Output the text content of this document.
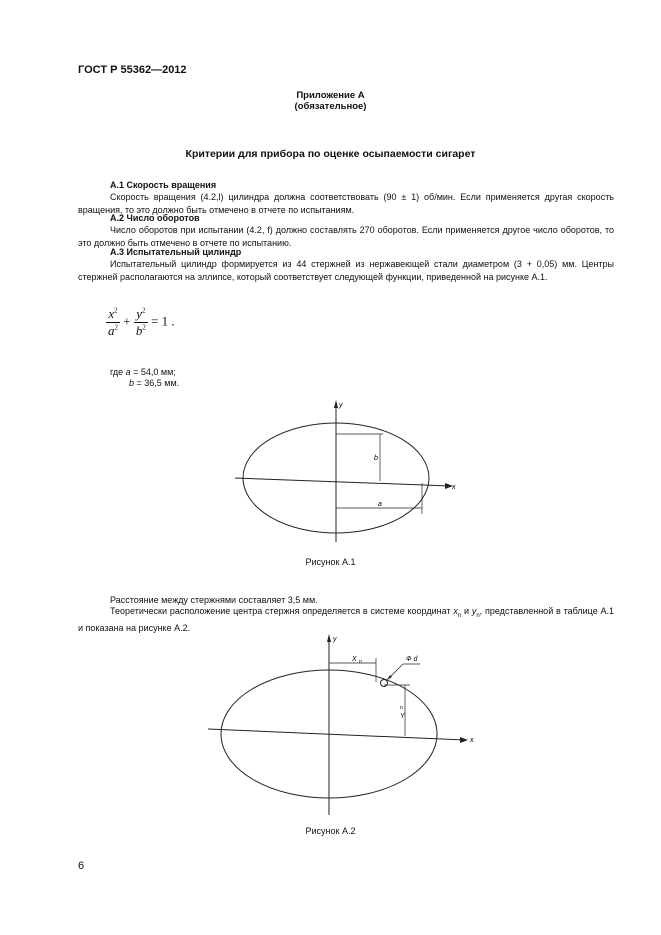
ГОСТ Р 55362—2012
Приложение А
(обязательное)
Критерии для прибора по оценке осыпаемости сигарет
А.1 Скорость вращения
Скорость вращения (4.2,l) цилиндра должна соответствовать (90 ± 1) об/мин. Если применяется другая скорость вращения, то это должно быть отмечено в отчете по испытаниям.
А.2 Число оборотов
Число оборотов при испытании (4.2, f) должно составлять 270 оборотов. Если применяется другое число оборотов, то это должно быть отмечено в отчете по испытанию.
А.3 Испытательный цилиндр
Испытательный цилиндр формируется из 44 стержней из нержавеющей стали диаметром (3 + 0,05) мм. Центры стержней располагаются на эллипсе, который соответствует следующей функции, приведенной на рисунке А.1.
$\frac{x^2}{a^2} + \frac{y^2}{b^2} = 1$ .
где a = 54,0 мм;
b = 36,5 мм.
y
x
b
a
Рисунок А.1
Расстояние между стержнями составляет 3,5 мм.
Теоретически расположение центра стержня определяется в системе координат $x_n$ и $y_n$, представленной в таблице А.1 и показана на рисунке А.2.
y
x
X n	Ф d
Y
n
Рисунок А.2
6
